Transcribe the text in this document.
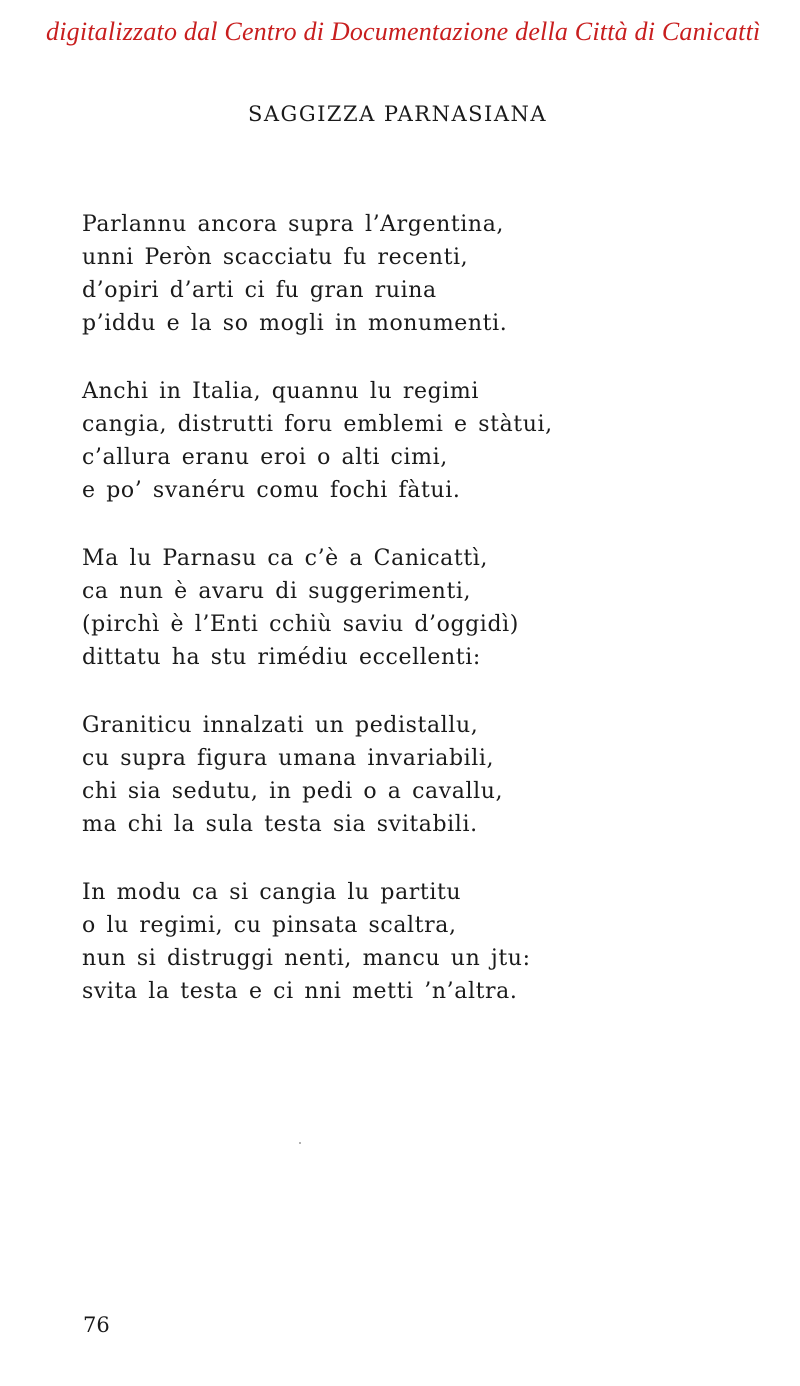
digitalizzato dal Centro di Documentazione della Città di Canicattì
SAGGIZZA PARNASIANA
Parlannu ancora supra l’Argentina,
unni Peròn scacciatu fu recenti,
d’opiri d’arti ci fu gran ruina
p’iddu e la so mogli in monumenti.
Anchi in Italia, quannu lu regimi
cangia, distrutti foru emblemi e stàtui,
c’allura eranu eroi o alti cimi,
e po’ svanéru comu fochi fàtui.
Ma lu Parnasu ca c’è a Canicattì,
ca nun è avaru di suggerimenti,
(pirchì è l’Enti cchiù saviu d’oggidì)
dittatu ha stu rimédiu eccellenti:
Graniticu innalzati un pedistallu,
cu supra figura umana invariabili,
chi sia sedutu, in pedi o a cavallu,
ma chi la sula testa sia svitabili.
In modu ca si cangia lu partitu
o lu regimi, cu pinsata scaltra,
nun si distruggi nenti, mancu un jtu:
svita la testa e ci nni metti ’n’altra.
76
